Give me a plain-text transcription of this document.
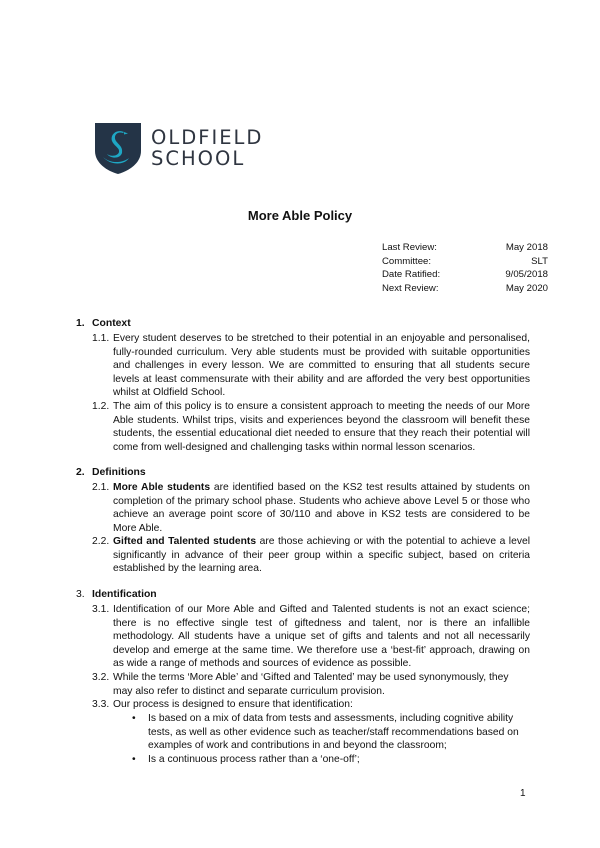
OLDFIELD
SCHOOL
More Able Policy
Last Review:	May 2018
Committee:	SLT
Date Ratified:	9/05/2018
Next Review:	May 2020
1. Context
1.1. Every student deserves to be stretched to their potential in an enjoyable and personalised, fully-rounded curriculum. Very able students must be provided with suitable opportunities and challenges in every lesson. We are committed to ensuring that all students secure levels at least commensurate with their ability and are afforded the very best opportunities whilst at Oldfield School.
1.2. The aim of this policy is to ensure a consistent approach to meeting the needs of our More Able students. Whilst trips, visits and experiences beyond the classroom will benefit these students, the essential educational diet needed to ensure that they reach their potential will come from well-designed and challenging tasks within normal lesson scenarios.
2. Definitions
2.1. More Able students are identified based on the KS2 test results attained by students on completion of the primary school phase. Students who achieve above Level 5 or those who achieve an average point score of 30/110 and above in KS2 tests are considered to be More Able.
2.2. Gifted and Talented students are those achieving or with the potential to achieve a level significantly in advance of their peer group within a specific subject, based on criteria established by the learning area.
3. Identification
3.1. Identification of our More Able and Gifted and Talented students is not an exact science; there is no effective single test of giftedness and talent, nor is there an infallible methodology. All students have a unique set of gifts and talents and not all necessarily develop and emerge at the same time. We therefore use a ‘best-fit’ approach, drawing on as wide a range of methods and sources of evidence as possible.
3.2. While the terms ‘More Able’ and ‘Gifted and Talented’ may be used synonymously, they may also refer to distinct and separate curriculum provision.
3.3. Our process is designed to ensure that identification:
• Is based on a mix of data from tests and assessments, including cognitive ability tests, as well as other evidence such as teacher/staff recommendations based on examples of work and contributions in and beyond the classroom;
• Is a continuous process rather than a ‘one-off’;
1
